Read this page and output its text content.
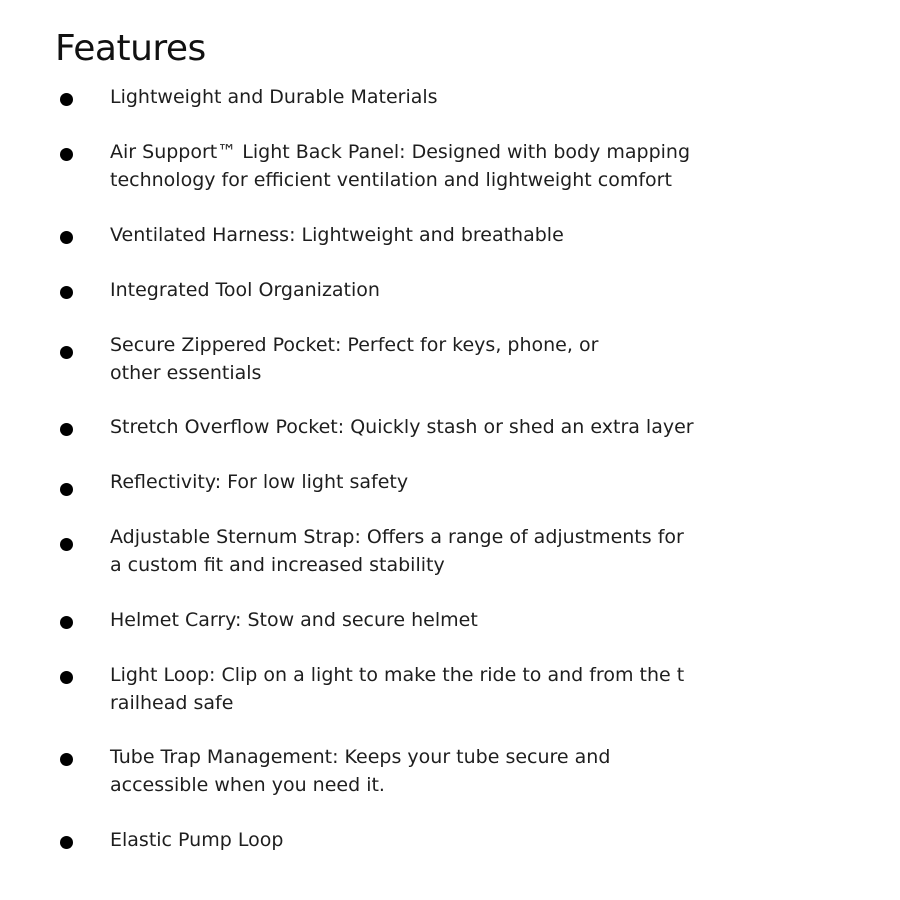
Features
Lightweight and Durable Materials
Air Support™ Light Back Panel: Designed with body mapping
technology for efficient ventilation and lightweight comfort
Ventilated Harness: Lightweight and breathable
Integrated Tool Organization
Secure Zippered Pocket: Perfect for keys, phone, or
other essentials
Stretch Overflow Pocket: Quickly stash or shed an extra layer
Reflectivity: For low light safety
Adjustable Sternum Strap: Offers a range of adjustments for
a custom fit and increased stability
Helmet Carry: Stow and secure helmet
Light Loop: Clip on a light to make the ride to and from the t
railhead safe
Tube Trap Management: Keeps your tube secure and
accessible when you need it.
Elastic Pump Loop
